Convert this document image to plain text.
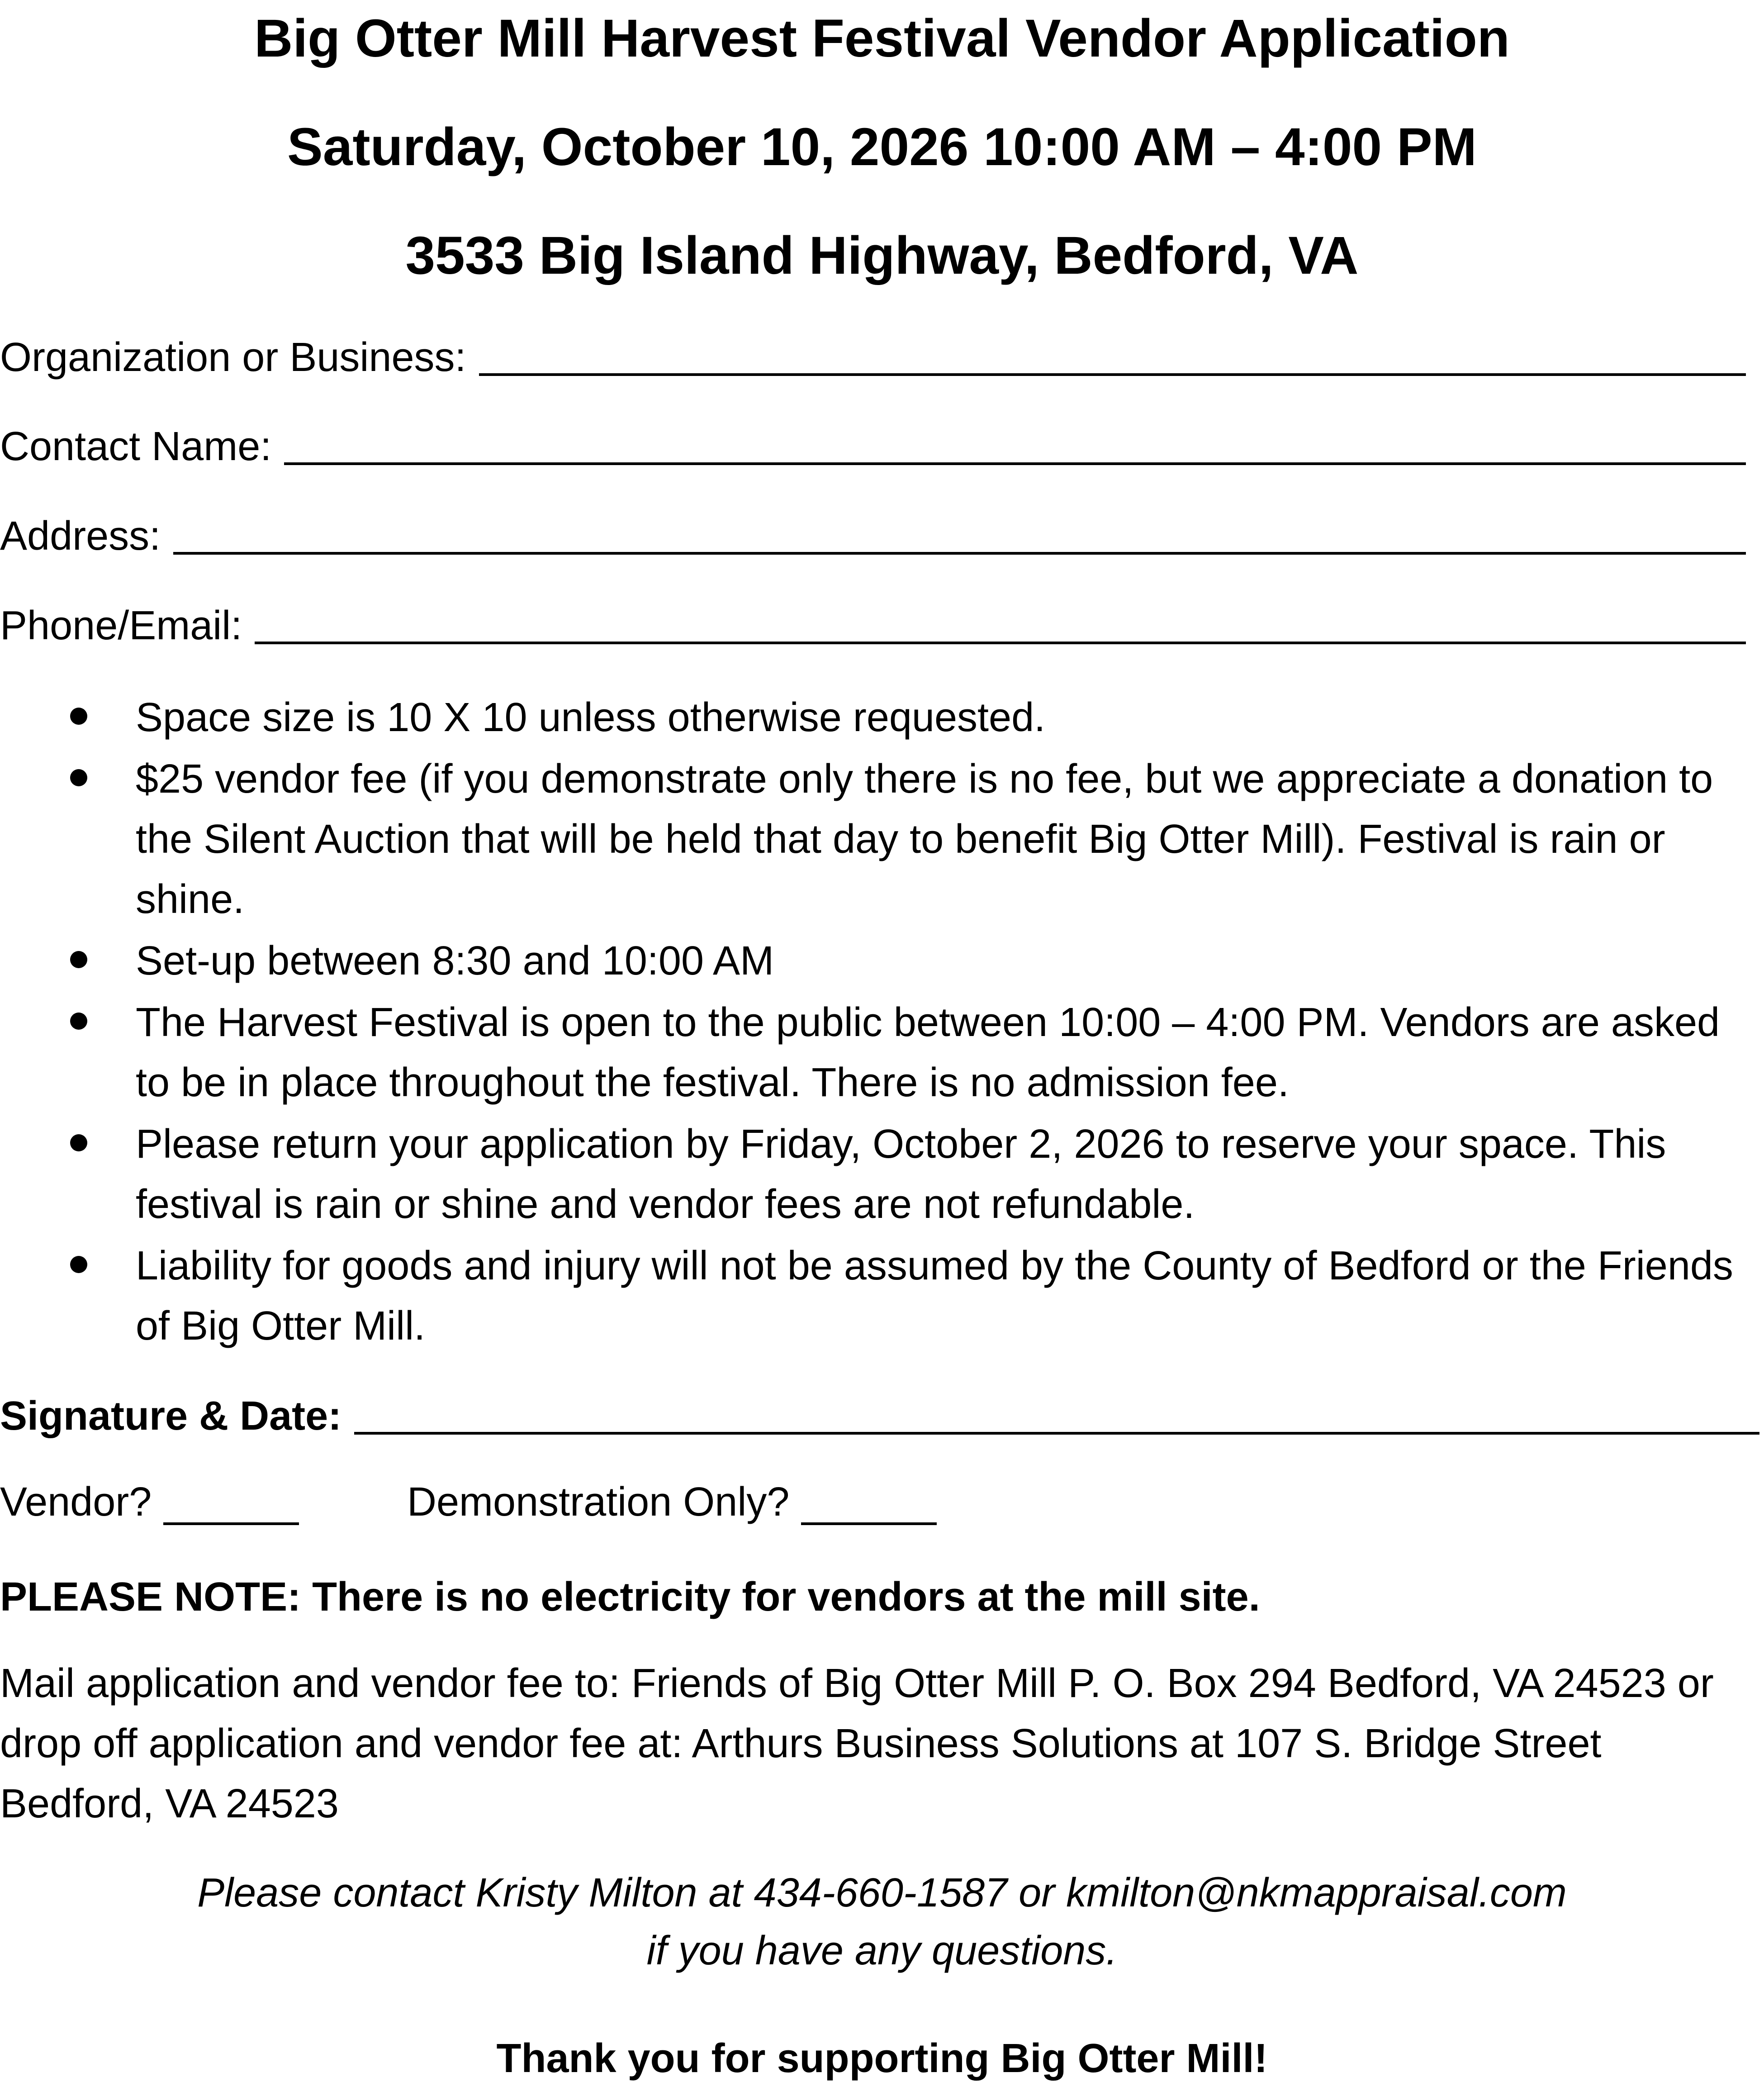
Big Otter Mill Harvest Festival Vendor Application
Saturday, October 10, 2026 10:00 AM – 4:00 PM
3533 Big Island Highway, Bedford, VA
Organization or Business:
Contact Name:
Address:
Phone/Email:
Space size is 10 X 10 unless otherwise requested.
$25 vendor fee (if you demonstrate only there is no fee, but we appreciate a donation to the Silent Auction that will be held that day to benefit Big Otter Mill). Festival is rain or shine.
Set-up between 8:30 and 10:00 AM
The Harvest Festival is open to the public between 10:00 – 4:00 PM. Vendors are asked to be in place throughout the festival. There is no admission fee.
Please return your application by Friday, October 2, 2026 to reserve your space. This festival is rain or shine and vendor fees are not refundable.
Liability for goods and injury will not be assumed by the County of Bedford or the Friends of Big Otter Mill.
Signature & Date:
Vendor?	Demonstration Only?
PLEASE NOTE: There is no electricity for vendors at the mill site.
Mail application and vendor fee to: Friends of Big Otter Mill P. O. Box 294 Bedford, VA 24523 or drop off application and vendor fee at: Arthurs Business Solutions at 107 S. Bridge Street Bedford, VA 24523
Please contact Kristy Milton at 434-660-1587 or kmilton@nkmappraisal.com
if you have any questions.
Thank you for supporting Big Otter Mill!
